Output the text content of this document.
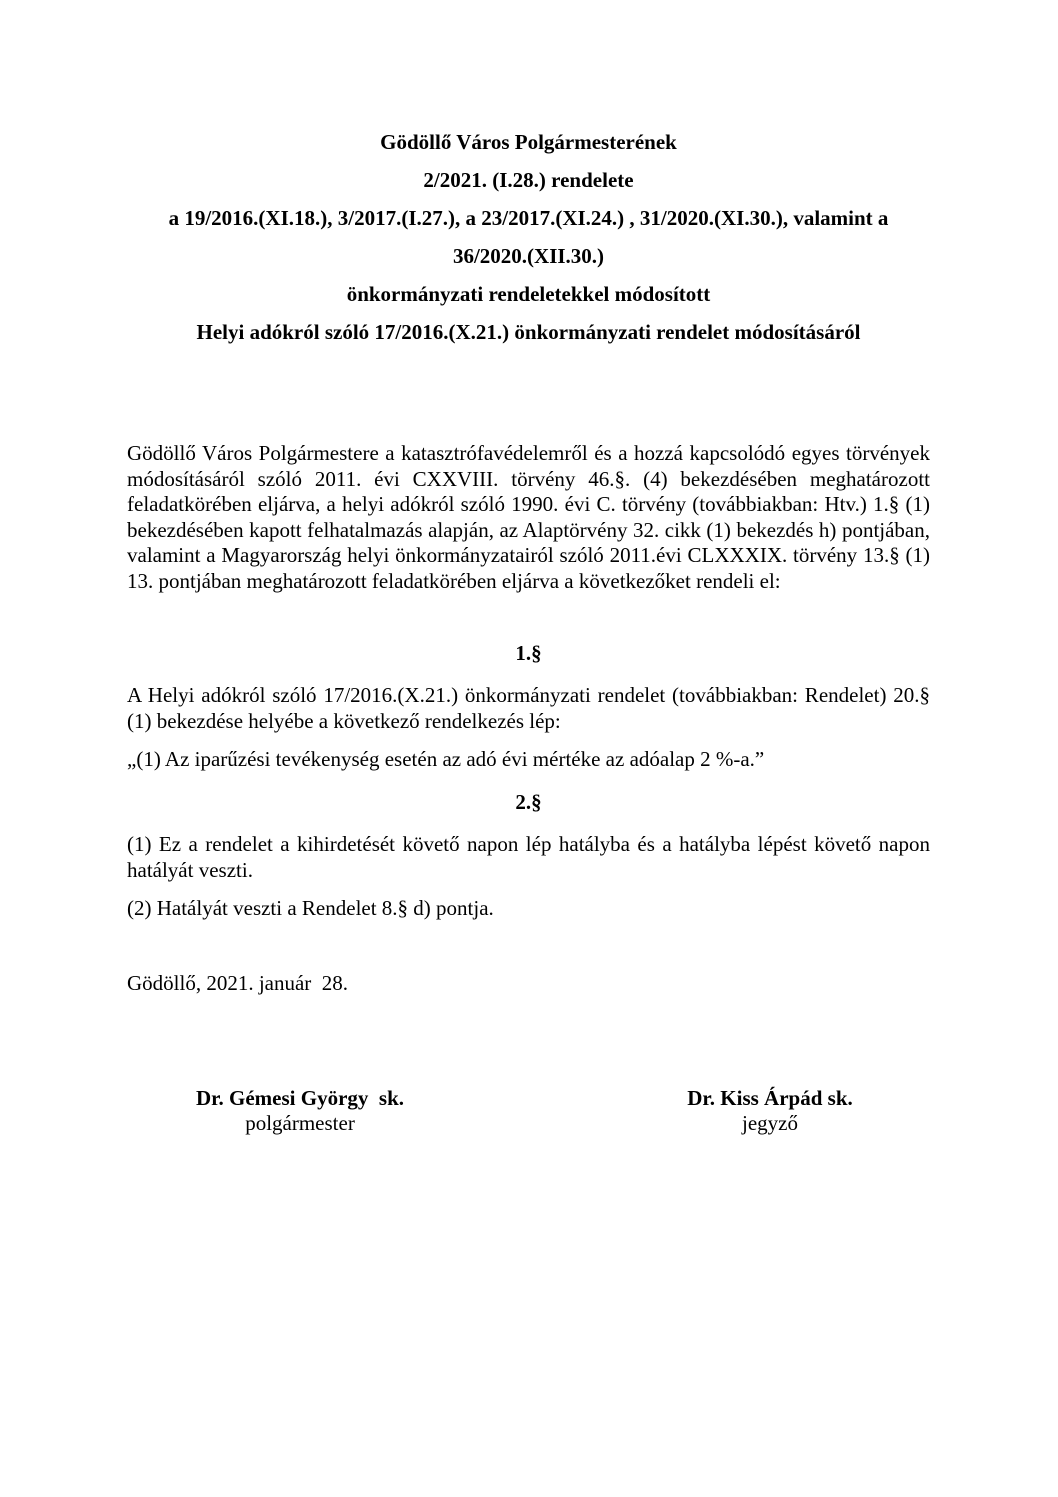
Gödöllő Város Polgármesterének
2/2021. (I.28.) rendelete
a 19/2016.(XI.18.), 3/2017.(I.27.), a 23/2017.(XI.24.) , 31/2020.(XI.30.), valamint a
36/2020.(XII.30.)
önkormányzati rendeletekkel módosított
Helyi adókról szóló 17/2016.(X.21.) önkormányzati rendelet módosításáról

Gödöllő Város Polgármestere a katasztrófavédelemről és a hozzá kapcsolódó egyes törvények módosításáról szóló 2011. évi CXXVIII. törvény 46.§. (4) bekezdésében meghatározott feladatkörében eljárva, a helyi adókról szóló 1990. évi C. törvény (továbbiakban: Htv.) 1.§ (1) bekezdésében kapott felhatalmazás alapján, az Alaptörvény 32. cikk (1) bekezdés h) pontjában, valamint a Magyarország helyi önkormányzatairól szóló 2011.évi CLXXXIX. törvény 13.§ (1) 13. pontjában meghatározott feladatkörében eljárva a következőket rendeli el:

1.§

A Helyi adókról szóló 17/2016.(X.21.) önkormányzati rendelet (továbbiakban: Rendelet) 20.§ (1) bekezdése helyébe a következő rendelkezés lép:

„(1) Az iparűzési tevékenység esetén az adó évi mértéke az adóalap 2 %-a.”

2.§

(1) Ez a rendelet a kihirdetését követő napon lép hatályba és a hatályba lépést követő napon hatályát veszti.

(2) Hatályát veszti a Rendelet 8.§ d) pontja.

Gödöllő, 2021. január  28.

Dr. Gémesi György  sk.
polgármester
Dr. Kiss Árpád sk.
jegyző
